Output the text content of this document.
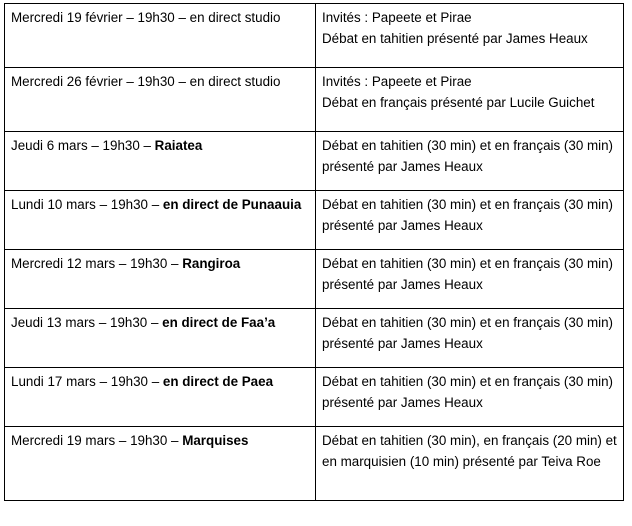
Mercredi 19 février – 19h30 – en direct studio	Invités : Papeete et Pirae
Débat en tahitien présenté par James Heaux

Mercredi 26 février – 19h30 – en direct studio	Invités : Papeete et Pirae
Débat en français présenté par Lucile Guichet

Jeudi 6 mars – 19h30 – Raiatea	Débat en tahitien (30 min) et en français (30 min) présenté par James Heaux

Lundi 10 mars – 19h30 – en direct de Punaauia	Débat en tahitien (30 min) et en français (30 min) présenté par James Heaux

Mercredi 12 mars – 19h30 – Rangiroa	Débat en tahitien (30 min) et en français (30 min) présenté par James Heaux

Jeudi 13 mars – 19h30 – en direct de Faa’a	Débat en tahitien (30 min) et en français (30 min) présenté par James Heaux

Lundi 17 mars – 19h30 – en direct de Paea	Débat en tahitien (30 min) et en français (30 min) présenté par James Heaux

Mercredi 19 mars – 19h30 – Marquises	Débat en tahitien (30 min), en français (20 min) et en marquisien (10 min) présenté par Teiva Roe
